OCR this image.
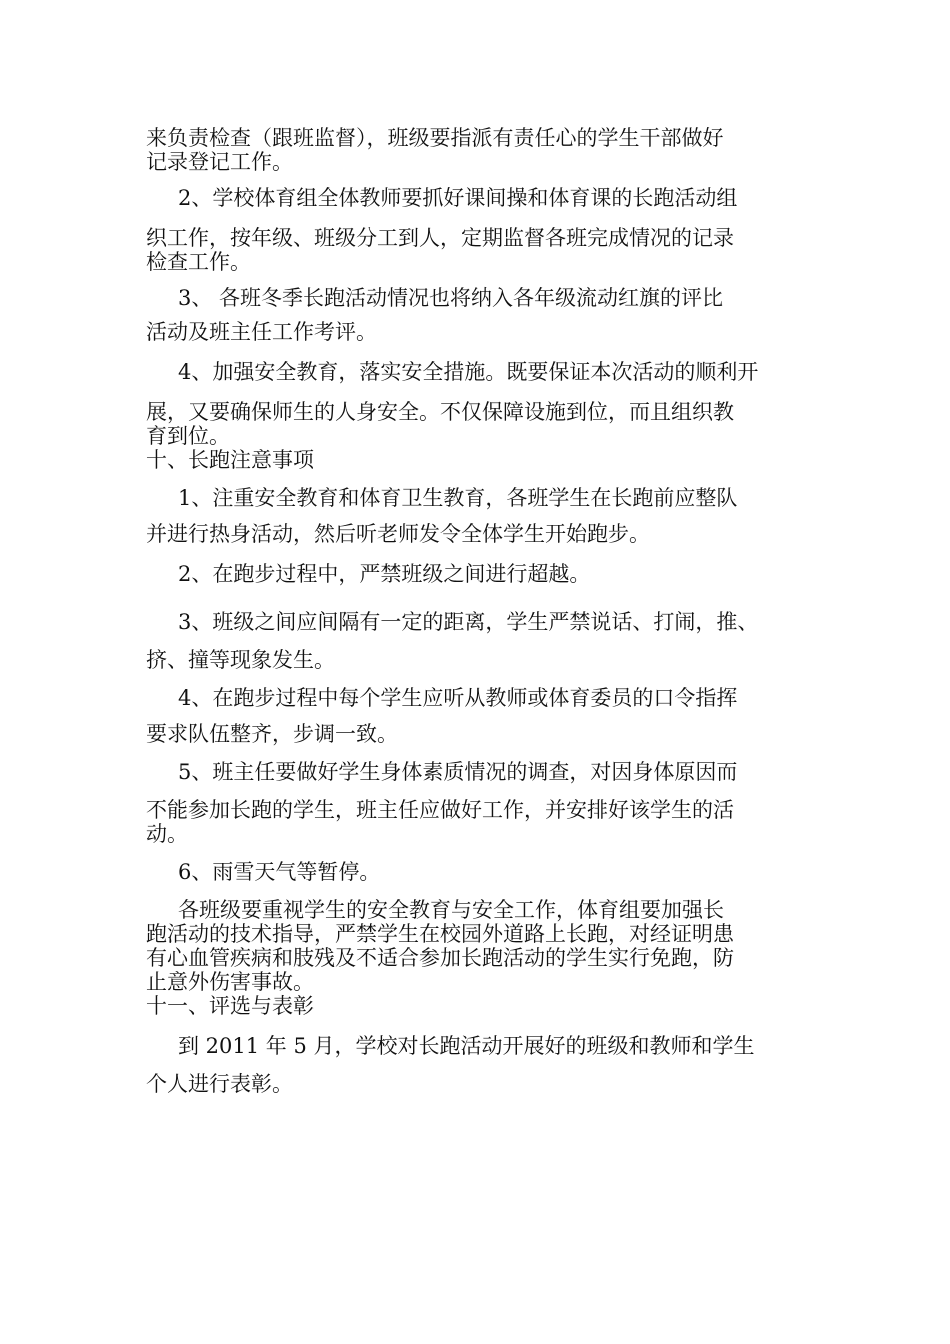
来负责检查（跟班监督），班级要指派有责任心的学生干部做好
记录登记工作。
2、学校体育组全体教师要抓好课间操和体育课的长跑活动组
织工作，按年级、班级分工到人，定期监督各班完成情况的记录
检查工作。
3、 各班冬季长跑活动情况也将纳入各年级流动红旗的评比
活动及班主任工作考评。
4、加强安全教育，落实安全措施。既要保证本次活动的顺利开
展，又要确保师生的人身安全。不仅保障设施到位，而且组织教
育到位。
十、长跑注意事项
1、注重安全教育和体育卫生教育，各班学生在长跑前应整队
并进行热身活动，然后听老师发令全体学生开始跑步。
2、在跑步过程中，严禁班级之间进行超越。
3、班级之间应间隔有一定的距离，学生严禁说话、打闹，推、
挤、撞等现象发生。
4、在跑步过程中每个学生应听从教师或体育委员的口令指挥
要求队伍整齐，步调一致。
5、班主任要做好学生身体素质情况的调查，对因身体原因而
不能参加长跑的学生，班主任应做好工作，并安排好该学生的活
动。
6、雨雪天气等暂停。
各班级要重视学生的安全教育与安全工作，体育组要加强长
跑活动的技术指导，严禁学生在校园外道路上长跑，对经证明患
有心血管疾病和肢残及不适合参加长跑活动的学生实行免跑，防
止意外伤害事故。
十一、评选与表彰
到 2011 年 5 月，学校对长跑活动开展好的班级和教师和学生
个人进行表彰。
